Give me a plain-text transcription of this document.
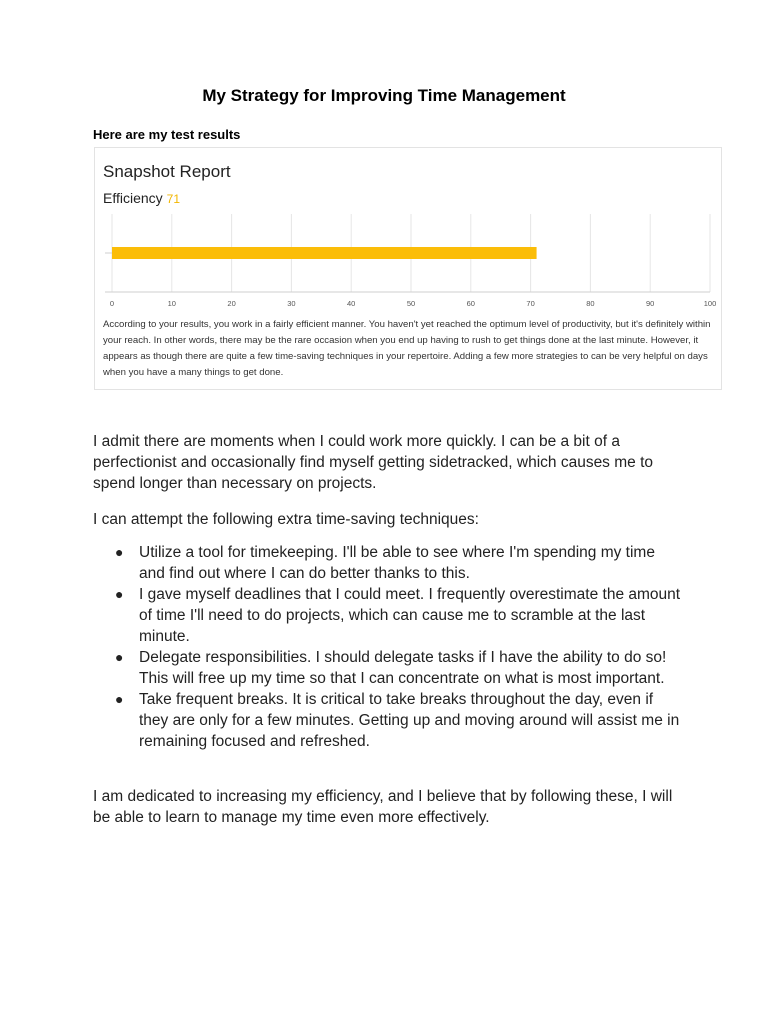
My Strategy for Improving Time Management
Here are my test results
Snapshot Report
Efficiency 71
0	10	20	30	40	50	60	70	80	90	100
According to your results, you work in a fairly efficient manner. You haven't yet reached the optimum level of productivity, but it's definitely within your reach. In other words, there may be the rare occasion when you end up having to rush to get things done at the last minute. However, it appears as though there are quite a few time-saving techniques in your repertoire. Adding a few more strategies to can be very helpful on days when you have a many things to get done.

I admit there are moments when I could work more quickly. I can be a bit of a perfectionist and occasionally find myself getting sidetracked, which causes me to spend longer than necessary on projects.

I can attempt the following extra time-saving techniques:

● Utilize a tool for timekeeping. I'll be able to see where I'm spending my time and find out where I can do better thanks to this.
● I gave myself deadlines that I could meet. I frequently overestimate the amount of time I'll need to do projects, which can cause me to scramble at the last minute.
● Delegate responsibilities. I should delegate tasks if I have the ability to do so! This will free up my time so that I can concentrate on what is most important.
● Take frequent breaks. It is critical to take breaks throughout the day, even if they are only for a few minutes. Getting up and moving around will assist me in remaining focused and refreshed.

I am dedicated to increasing my efficiency, and I believe that by following these, I will be able to learn to manage my time even more effectively.
